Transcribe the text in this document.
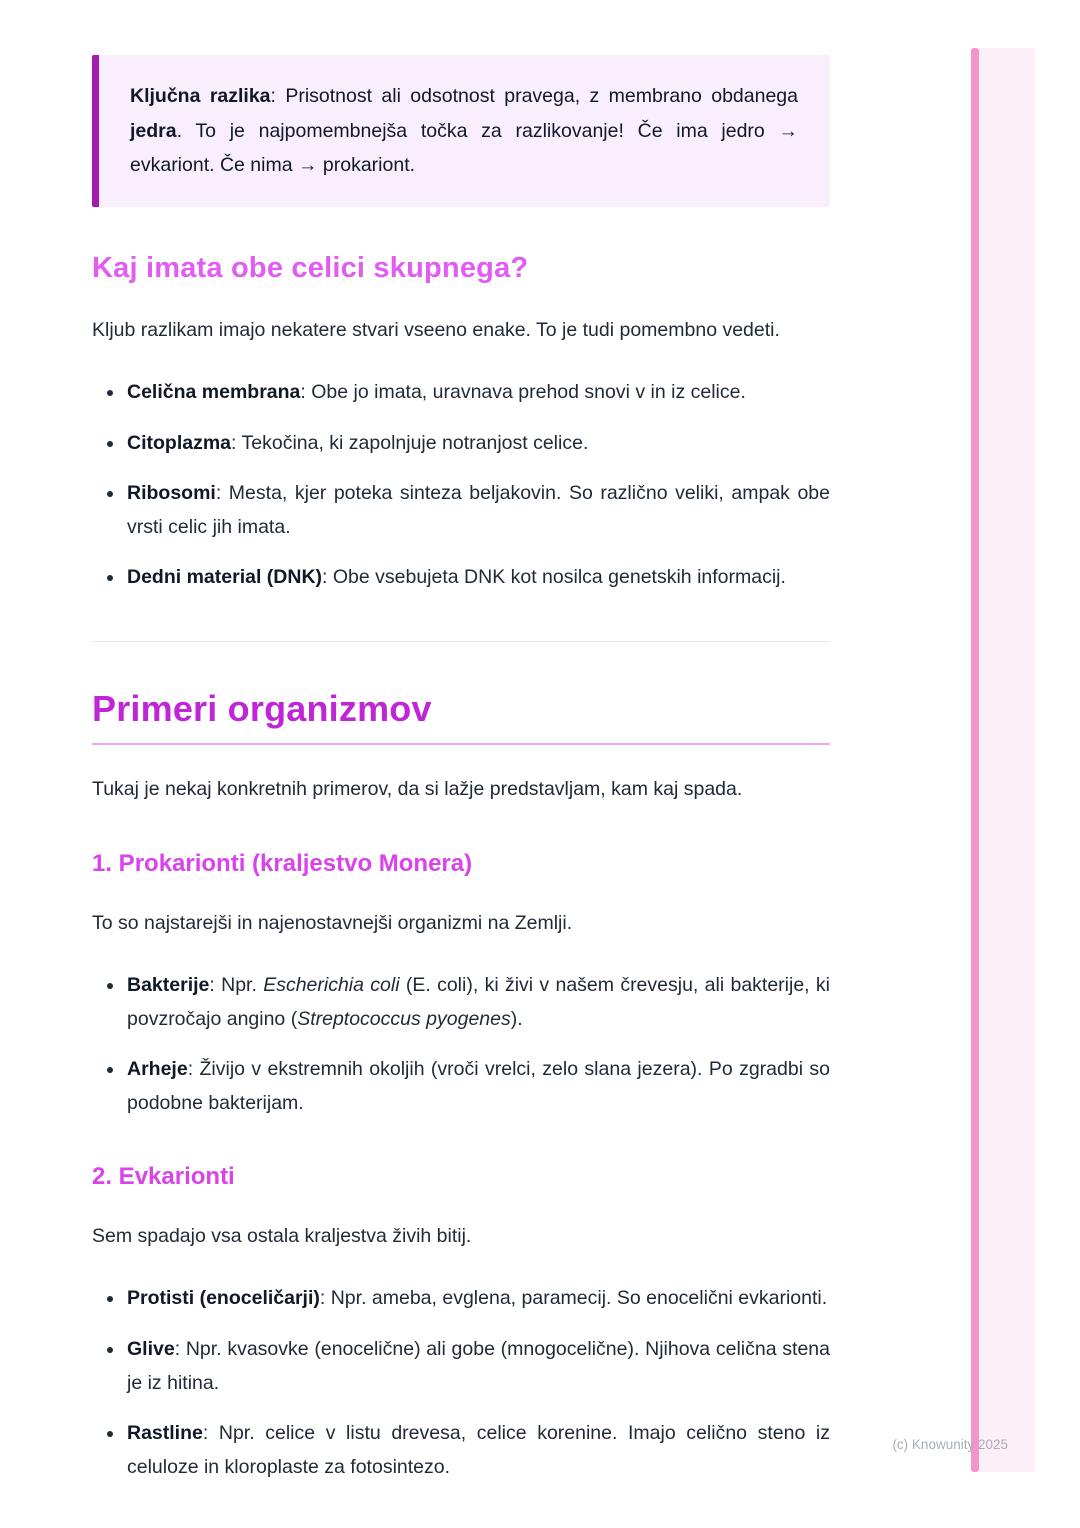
Ključna razlika: Prisotnost ali odsotnost pravega, z membrano obdanega jedra. To je najpomembnejša točka za razlikovanje! Če ima jedro → evkariont. Če nima → prokariont.

Kaj imata obe celici skupnega?

Kljub razlikam imajo nekatere stvari vseeno enake. To je tudi pomembno vedeti.

• Celična membrana: Obe jo imata, uravnava prehod snovi v in iz celice.
• Citoplazma: Tekočina, ki zapolnjuje notranjost celice.
• Ribosomi: Mesta, kjer poteka sinteza beljakovin. So različno veliki, ampak obe vrsti celic jih imata.
• Dedni material (DNK): Obe vsebujeta DNK kot nosilca genetskih informacij.
Primeri organizmov

Tukaj je nekaj konkretnih primerov, da si lažje predstavljam, kam kaj spada.

1. Prokarionti (kraljestvo Monera)

To so najstarejši in najenostavnejši organizmi na Zemlji.

• Bakterije: Npr. Escherichia coli (E. coli), ki živi v našem črevesju, ali bakterije, ki povzročajo angino (Streptococcus pyogenes).
• Arheje: Živijo v ekstremnih okoljih (vroči vrelci, zelo slana jezera). Po zgradbi so podobne bakterijam.
2. Evkarionti

Sem spadajo vsa ostala kraljestva živih bitij.

• Protisti (enoceličarji): Npr. ameba, evglena, paramecij. So enocelični evkarionti.
• Glive: Npr. kvasovke (enocelične) ali gobe (mnogocelične). Njihova celična stena je iz hitina.
• Rastline: Npr. celice v listu drevesa, celice korenine. Imajo celično steno iz celuloze in kloroplaste za fotosintezo.
(c) Knowunity 2025
